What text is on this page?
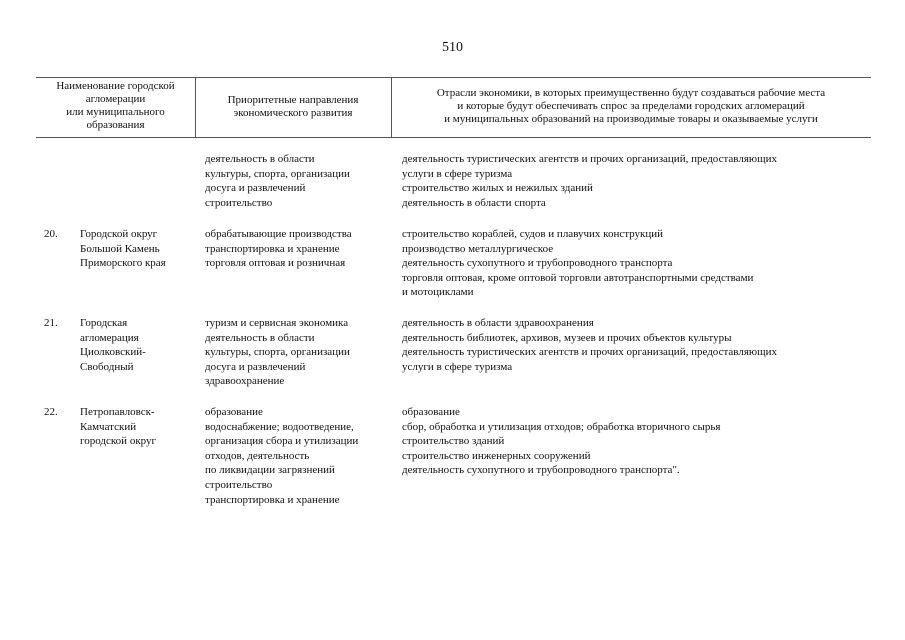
510
Наименование городской
агломерации
или муниципального
образования
Приоритетные направления
экономического развития
Отрасли экономики, в которых преимущественно будут создаваться рабочие места
и которые будут обеспечивать спрос за пределами городских агломераций
и муниципальных образований на производимые товары и оказываемые услуги
деятельность в области
культуры, спорта, организации
досуга и развлечений
строительство
деятельность туристических агентств и прочих организаций, предоставляющих
услуги в сфере туризма
строительство жилых и нежилых зданий
деятельность в области спорта
20. Городской округ
Большой Камень
Приморского края
обрабатывающие производства
транспортировка и хранение
торговля оптовая и розничная
строительство кораблей, судов и плавучих конструкций
производство металлургическое
деятельность сухопутного и трубопроводного транспорта
торговля оптовая, кроме оптовой торговли автотранспортными средствами
и мотоциклами
21. Городская
агломерация
Циолковский-
Свободный
туризм и сервисная экономика
деятельность в области
культуры, спорта, организации
досуга и развлечений
здравоохранение
деятельность в области здравоохранения
деятельность библиотек, архивов, музеев и прочих объектов культуры
деятельность туристических агентств и прочих организаций, предоставляющих
услуги в сфере туризма
22. Петропавловск-
Камчатский
городской округ
образование
водоснабжение; водоотведение,
организация сбора и утилизации
отходов, деятельность
по ликвидации загрязнений
строительство
транспортировка и хранение
образование
сбор, обработка и утилизация отходов; обработка вторичного сырья
строительство зданий
строительство инженерных сооружений
деятельность сухопутного и трубопроводного транспорта".
